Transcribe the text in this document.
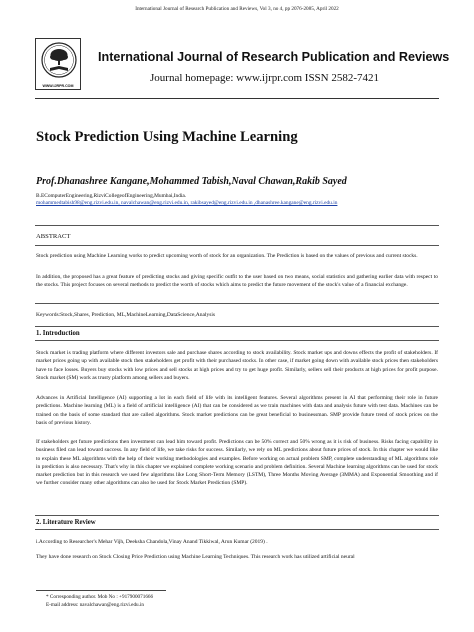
International Journal of Research Publication and Reviews, Vol 3, no 4, pp 2076-2085, April 2022
WWW.IJRPR.COM
International Journal of Research Publication and Reviews
Journal homepage: www.ijrpr.com ISSN 2582-7421
Stock Prediction Using Machine Learning
Prof.Dhanashree Kangane,Mohammed Tabish,Naval Chawan,Rakib Sayed
B.EComputerEngineering,RizviCollegeofEngineering,Mumbai,India.
mohammedtabish98@eng.rizvi.edu.in, navalchawan@eng.rizvi.edu.in, rakibsayed@eng.rizvi.edu.in ,dhanashree.kangane@eng.rizvi.edu.in
ABSTRACT
Stock prediction using Machine Learning works to predict upcoming worth of stock for an organization. The Prediction is based on the values of previous and current stocks.
In addition, the proposed has a great feature of predicting stocks and giving specific outfit to the user based on two means, social statistics and gathering earlier data with respect to the stocks. This project focuses on several methods to predict the worth of stocks which aims to predict the future movement of the stock's value of a financial exchange.
Keywords:Stock,Shares, Prediction, ML,MachineLearning,DataScience,Analysis
1. Introduction
Stock market is trading platform where different investors sale and purchase shares according to stock availability. Stock market ups and downs effects the profit of stakeholders. If market prices going up with available stock then stakeholders get profit with their purchased stocks. In other case, if market going down with available stock prices then stakeholders have to face losses. Buyers buy stocks with low prices and sell stocks at high prices and try to get huge profit. Similarly, sellers sell their products at high prices for profit purpose. Stock market (SM) work as trusty platform among sellers and buyers.
Advances in Artificial Intelligence (AI) supporting a lot in each field of life with its intelligent features. Several algorithms present in AI that performing their role in future predictions. Machine learning (ML) is a field of artificial intelligence (AI) that can be considered as we train machines with data and analysis future with test data. Machines can be trained on the basis of some standard that are called algorithms. Stock market predictions can be great beneficial to businessman. SMP provide future trend of stock prices on the basis of previous history.
If stakeholders get future predictions then investment can lead him toward profit. Predictions can be 50% correct and 50% wrong as it is risk of business. Risks facing capability in business filed can lead toward success. In any field of life, we take risks for success. Similarly, we rely on ML predictions about future prices of stock. In this chapter we would like to explain these ML algorithms with the help of their working methodologies and examples. Before working on actual problem SMP, complete understanding of ML algorithms role in prediction is also necessary. That's why in this chapter we explained complete working scenario and problem definition. Several Machine learning algorithms can be used for stock market prediction but in this research we used few algorithms like Long Short-Term Memory (LSTM), Three Months Moving Average (3MMA) and Exponential Smoothing and if we further consider many other algorithms can also be used for Stock Market Prediction (SMP).
2. Literature Review
i.According to Researcher's Mehar Vijh, Deeksha Chandola,Vinay Anand Tikkiwal, Arun Kumar (2019) .
They have done research on Stock Closing Price Prediction using Machine Learning Techniques. This research work has utilized artificial neural
* Corresponding author. Mob No : +917900071666
E-mail address: navalchawan@eng.rizvi.edu.in
